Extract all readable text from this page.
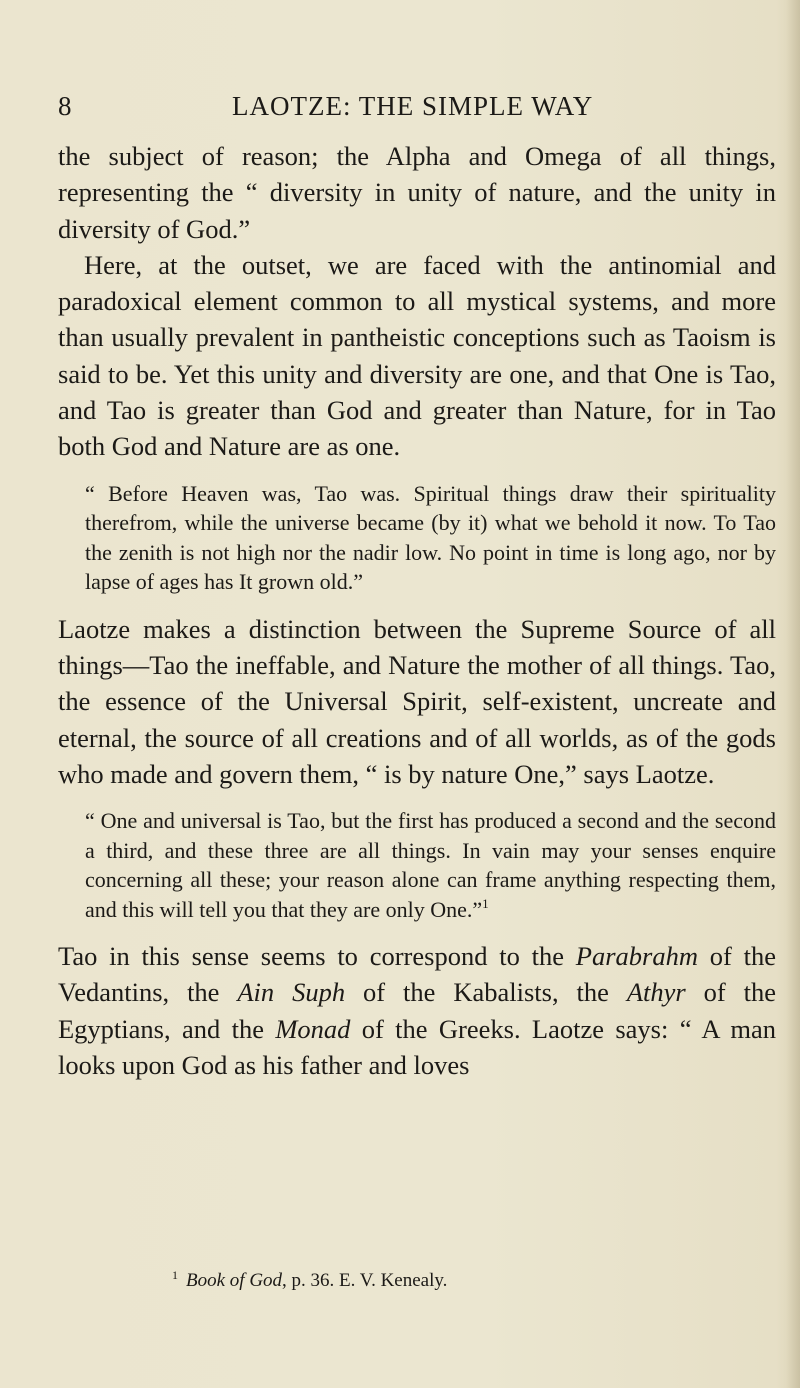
8	LAOTZE: THE SIMPLE WAY

the subject of reason; the Alpha and Omega of all things, representing the “ diversity in unity of nature, and the unity in diversity of God.”

Here, at the outset, we are faced with the antinomial and paradoxical element common to all mystical systems, and more than usually prevalent in pantheistic conceptions such as Taoism is said to be. Yet this unity and diversity are one, and that One is Tao, and Tao is greater than God and greater than Nature, for in Tao both God and Nature are as one.

“ Before Heaven was, Tao was. Spiritual things draw their spirituality therefrom, while the universe became (by it) what we behold it now. To Tao the zenith is not high nor the nadir low. No point in time is long ago, nor by lapse of ages has It grown old.”

Laotze makes a distinction between the Supreme Source of all things—Tao the ineffable, and Nature the mother of all things. Tao, the essence of the Universal Spirit, self-existent, uncreate and eternal, the source of all creations and of all worlds, as of the gods who made and govern them, “ is by nature One,” says Laotze.

“ One and universal is Tao, but the first has produced a second and the second a third, and these three are all things. In vain may your senses enquire concerning all these; your reason alone can frame anything respecting them, and this will tell you that they are only One.”$^1$

Tao in this sense seems to correspond to the Parabrahm of the Vedantins, the Ain Suph of the Kabalists, the Athyr of the Egyptians, and the Monad of the Greeks. Laotze says: “ A man looks upon God as his father and loves

$^1$ Book of God, p. 36. E. V. Kenealy.
